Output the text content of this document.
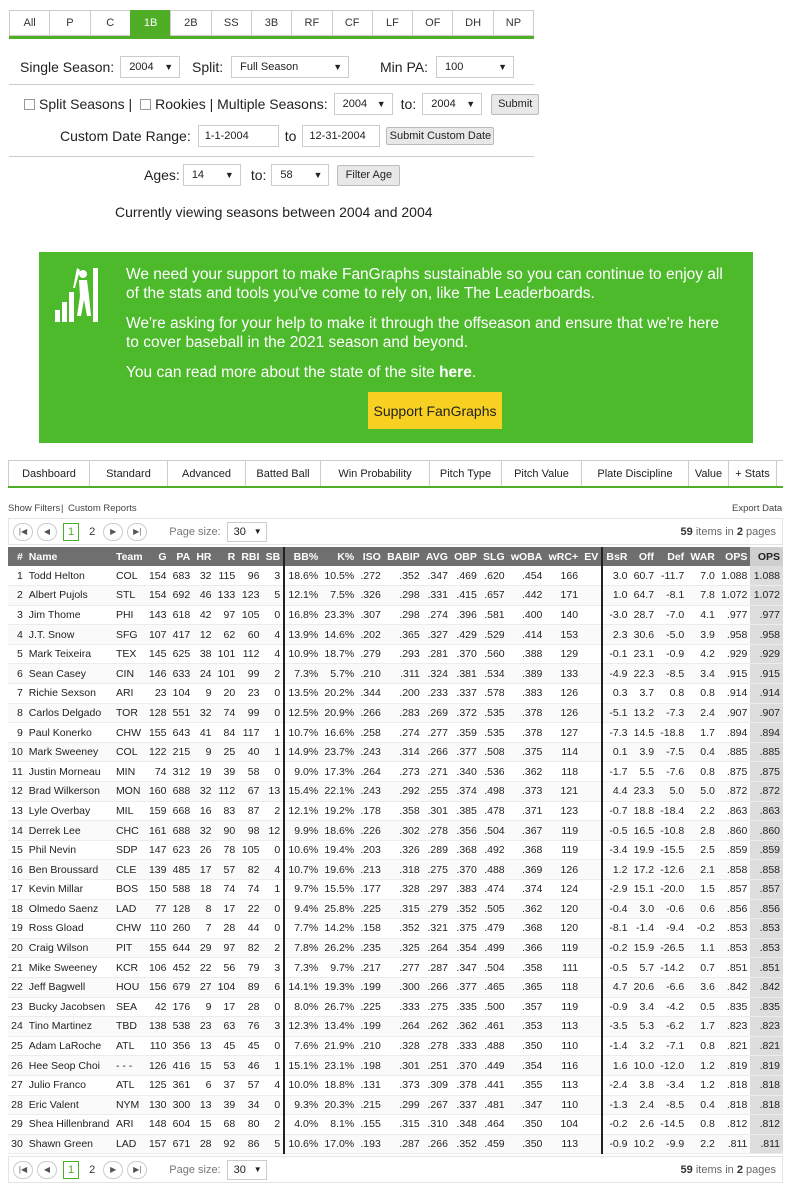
All	P	C	1B	2B	SS	3B	RF	CF	LF	OF	DH	NP
Single Season:	2004 ▼	Split:	Full Season ▼	Min PA:	100 ▼
Split Seasons | Rookies | Multiple Seasons:	2004 ▼	to:	2004 ▼	Submit
Custom Date Range:	1-1-2004	to	12-31-2004	Submit Custom Date
Ages:	14 ▼	to:	58 ▼	Filter Age
Currently viewing seasons between 2004 and 2004

We need your support to make FanGraphs sustainable so you can continue to enjoy all of the stats and tools you've come to rely on, like The Leaderboards.

We're asking for your help to make it through the offseason and ensure that we're here to cover baseball in the 2021 season and beyond.

You can read more about the state of the site here.

Support FanGraphs
Dashboard	Standard	Advanced	Batted Ball	Win Probability	Pitch Type	Pitch Value	Plate Discipline	Value	+ Stats
Show Filters | Custom Reports	Export Data
|◀	◀	1	2	▶	▶|	Page size:	30 ▼	59 items in 2 pages
#	Name	Team	G	PA	HR	R	RBI	SB	BB%	K%	ISO	BABIP	AVG	OBP	SLG	wOBA	wRC+	EV	BsR	Off	Def	WAR	OPS	OPS
1	Todd Helton	COL	154	683	32	115	96	3	18.6%	10.5%	.272	.352	.347	.469	.620	.454	166		3.0	60.7	-11.7	7.0	1.088	1.088
2	Albert Pujols	STL	154	692	46	133	123	5	12.1%	7.5%	.326	.298	.331	.415	.657	.442	171		1.0	64.7	-8.1	7.8	1.072	1.072
3	Jim Thome	PHI	143	618	42	97	105	0	16.8%	23.3%	.307	.298	.274	.396	.581	.400	140		-3.0	28.7	-7.0	4.1	.977	.977
4	J.T. Snow	SFG	107	417	12	62	60	4	13.9%	14.6%	.202	.365	.327	.429	.529	.414	153		2.3	30.6	-5.0	3.9	.958	.958
5	Mark Teixeira	TEX	145	625	38	101	112	4	10.9%	18.7%	.279	.293	.281	.370	.560	.388	129		-0.1	23.1	-0.9	4.2	.929	.929
6	Sean Casey	CIN	146	633	24	101	99	2	7.3%	5.7%	.210	.311	.324	.381	.534	.389	133		-4.9	22.3	-8.5	3.4	.915	.915
7	Richie Sexson	ARI	23	104	9	20	23	0	13.5%	20.2%	.344	.200	.233	.337	.578	.383	126		0.3	3.7	0.8	0.8	.914	.914
8	Carlos Delgado	TOR	128	551	32	74	99	0	12.5%	20.9%	.266	.283	.269	.372	.535	.378	126		-5.1	13.2	-7.3	2.4	.907	.907
9	Paul Konerko	CHW	155	643	41	84	117	1	10.7%	16.6%	.258	.274	.277	.359	.535	.378	127		-7.3	14.5	-18.8	1.7	.894	.894
10	Mark Sweeney	COL	122	215	9	25	40	1	14.9%	23.7%	.243	.314	.266	.377	.508	.375	114		0.1	3.9	-7.5	0.4	.885	.885
11	Justin Morneau	MIN	74	312	19	39	58	0	9.0%	17.3%	.264	.273	.271	.340	.536	.362	118		-1.7	5.5	-7.6	0.8	.875	.875
12	Brad Wilkerson	MON	160	688	32	112	67	13	15.4%	22.1%	.243	.292	.255	.374	.498	.373	121		4.4	23.3	5.0	5.0	.872	.872
13	Lyle Overbay	MIL	159	668	16	83	87	2	12.1%	19.2%	.178	.358	.301	.385	.478	.371	123		-0.7	18.8	-18.4	2.2	.863	.863
14	Derrek Lee	CHC	161	688	32	90	98	12	9.9%	18.6%	.226	.302	.278	.356	.504	.367	119		-0.5	16.5	-10.8	2.8	.860	.860
15	Phil Nevin	SDP	147	623	26	78	105	0	10.6%	19.4%	.203	.326	.289	.368	.492	.368	119		-3.4	19.9	-15.5	2.5	.859	.859
16	Ben Broussard	CLE	139	485	17	57	82	4	10.7%	19.6%	.213	.318	.275	.370	.488	.369	126		1.2	17.2	-12.6	2.1	.858	.858
17	Kevin Millar	BOS	150	588	18	74	74	1	9.7%	15.5%	.177	.328	.297	.383	.474	.374	124		-2.9	15.1	-20.0	1.5	.857	.857
18	Olmedo Saenz	LAD	77	128	8	17	22	0	9.4%	25.8%	.225	.315	.279	.352	.505	.362	120		-0.4	3.0	-0.6	0.6	.856	.856
19	Ross Gload	CHW	110	260	7	28	44	0	7.7%	14.2%	.158	.352	.321	.375	.479	.368	120		-8.1	-1.4	-9.4	-0.2	.853	.853
20	Craig Wilson	PIT	155	644	29	97	82	2	7.8%	26.2%	.235	.325	.264	.354	.499	.366	119		-0.2	15.9	-26.5	1.1	.853	.853
21	Mike Sweeney	KCR	106	452	22	56	79	3	7.3%	9.7%	.217	.277	.287	.347	.504	.358	111		-0.5	5.7	-14.2	0.7	.851	.851
22	Jeff Bagwell	HOU	156	679	27	104	89	6	14.1%	19.3%	.199	.300	.266	.377	.465	.365	118		4.7	20.6	-6.6	3.6	.842	.842
23	Bucky Jacobsen	SEA	42	176	9	17	28	0	8.0%	26.7%	.225	.333	.275	.335	.500	.357	119		-0.9	3.4	-4.2	0.5	.835	.835
24	Tino Martinez	TBD	138	538	23	63	76	3	12.3%	13.4%	.199	.264	.262	.362	.461	.353	113		-3.5	5.3	-6.2	1.7	.823	.823
25	Adam LaRoche	ATL	110	356	13	45	45	0	7.6%	21.9%	.210	.328	.278	.333	.488	.350	110		-1.4	3.2	-7.1	0.8	.821	.821
26	Hee Seop Choi	- - -	126	416	15	53	46	1	15.1%	23.1%	.198	.301	.251	.370	.449	.354	116		1.6	10.0	-12.0	1.2	.819	.819
27	Julio Franco	ATL	125	361	6	37	57	4	10.0%	18.8%	.131	.373	.309	.378	.441	.355	113		-2.4	3.8	-3.4	1.2	.818	.818
28	Eric Valent	NYM	130	300	13	39	34	0	9.3%	20.3%	.215	.299	.267	.337	.481	.347	110		-1.3	2.4	-8.5	0.4	.818	.818
29	Shea Hillenbrand	ARI	148	604	15	68	80	2	4.0%	8.1%	.155	.315	.310	.348	.464	.350	104		-0.2	2.6	-14.5	0.8	.812	.812
30	Shawn Green	LAD	157	671	28	92	86	5	10.6%	17.0%	.193	.287	.266	.352	.459	.350	113		-0.9	10.2	-9.9	2.2	.811	.811
|◀	◀	1	2	▶	▶|	Page size:	30 ▼	59 items in 2 pages
